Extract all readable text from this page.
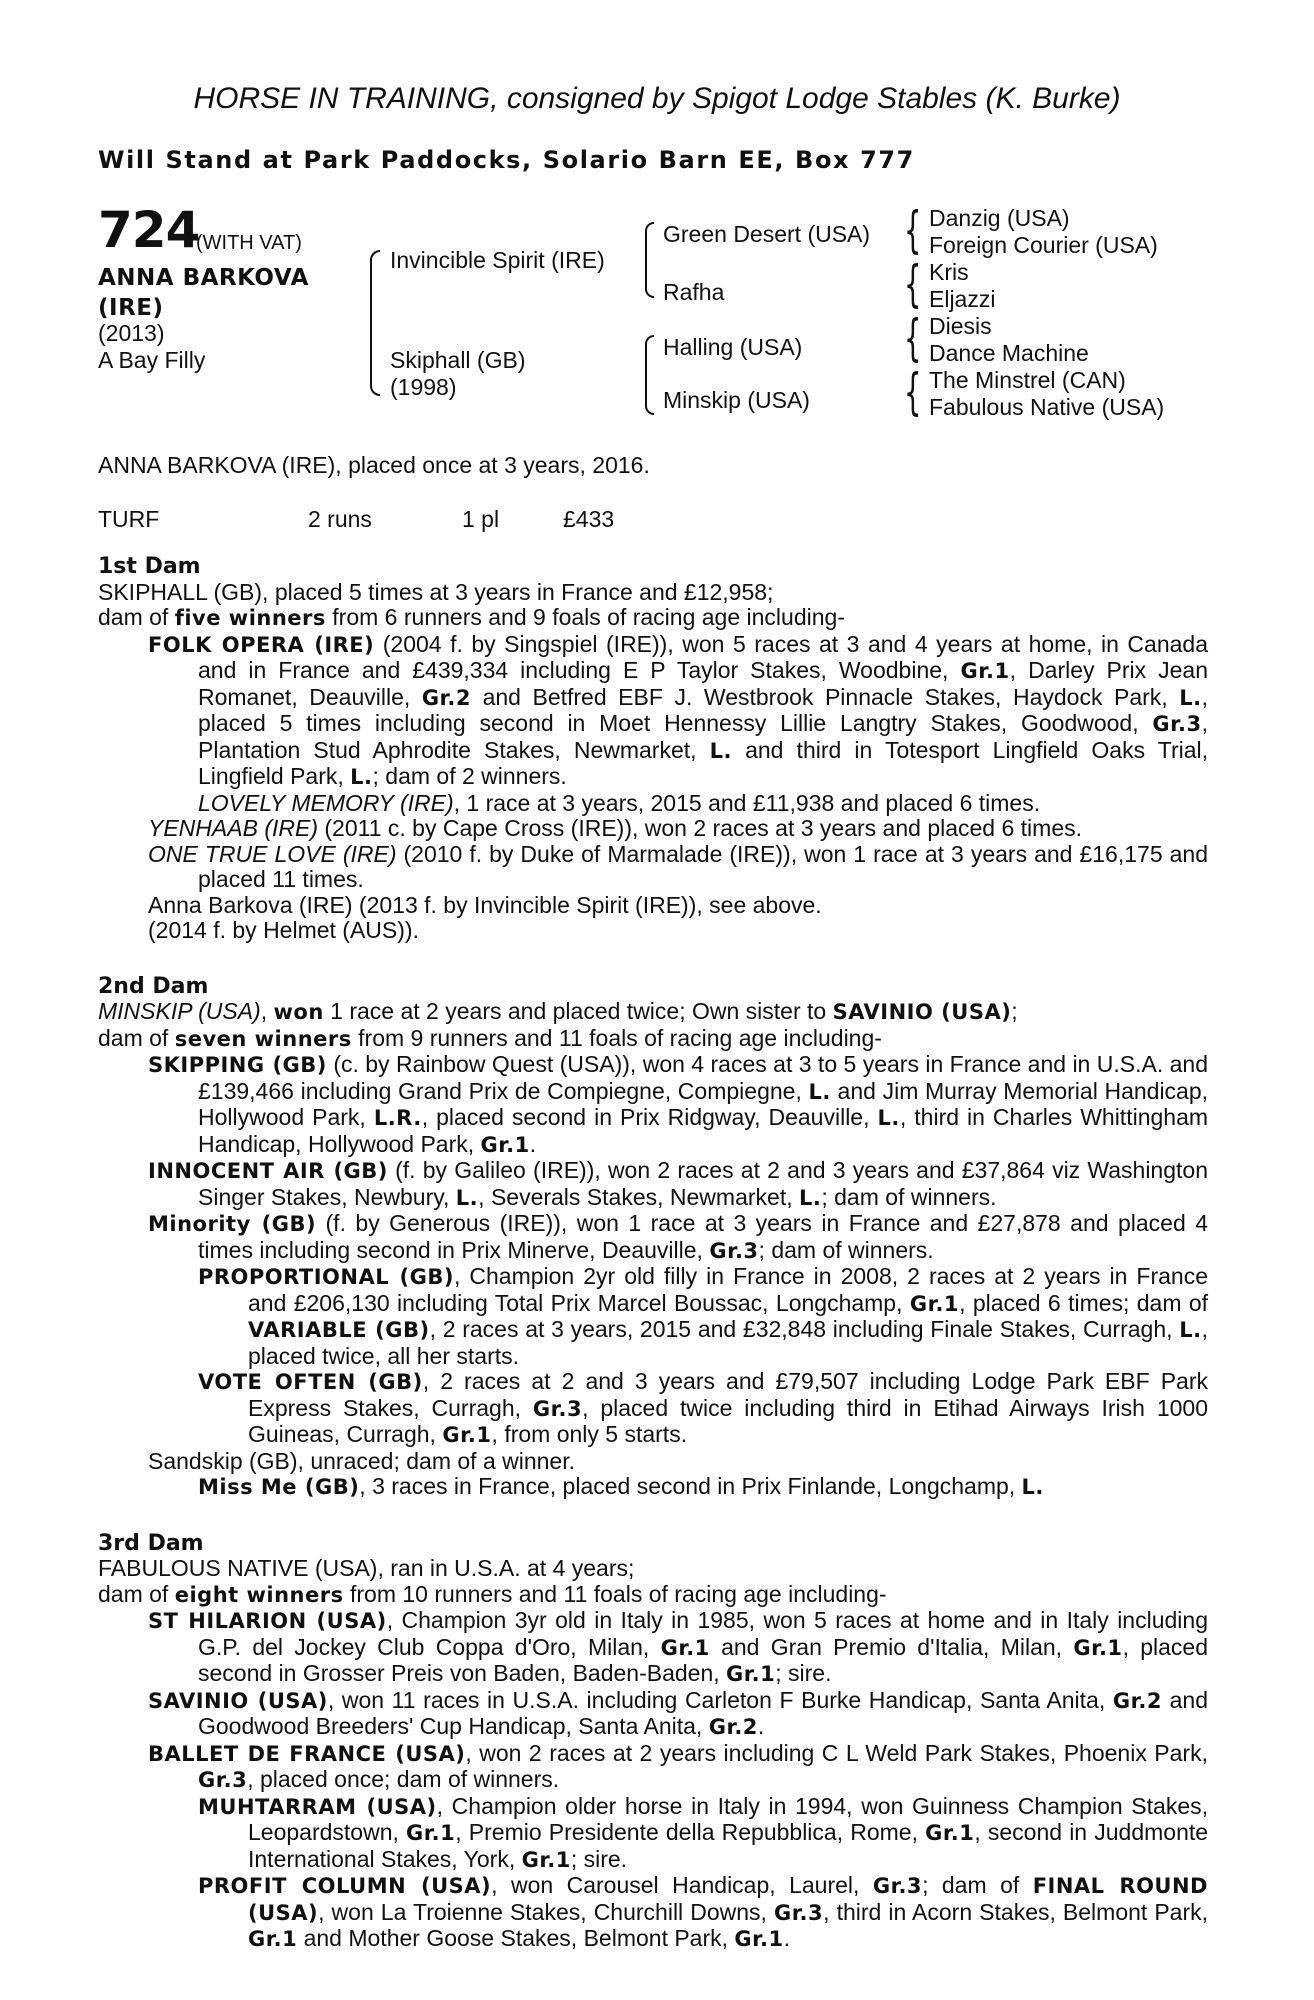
HORSE IN TRAINING, consigned by Spigot Lodge Stables (K. Burke)
Will Stand at Park Paddocks, Solario Barn EE, Box 777
724
(WITH VAT)
ANNA BARKOVA
(IRE)
(2013)
A Bay Filly
Invincible Spirit (IRE)
Skiphall (GB)
(1998)
Green Desert (USA)
Rafha
Halling (USA)
Minskip (USA)
{
{
{
{
Danzig (USA)
Foreign Courier (USA)
Kris
Eljazzi
Diesis
Dance Machine
The Minstrel (CAN)
Fabulous Native (USA)
ANNA BARKOVA (IRE), placed once at 3 years, 2016.
TURF	2 runs	1 pl	£433

1st Dam

SKIPHALL (GB), placed 5 times at 3 years in France and £12,958;

dam of five winners from 6 runners and 9 foals of racing age including-

FOLK OPERA (IRE) (2004 f. by Singspiel (IRE)), won 5 races at 3 and 4 years at home, in Canada and in France and £439,334 including E P Taylor Stakes, Woodbine, Gr.1, Darley Prix Jean Romanet, Deauville, Gr.2 and Betfred EBF J. Westbrook Pinnacle Stakes, Haydock Park, L., placed 5 times including second in Moet Hennessy Lillie Langtry Stakes, Goodwood, Gr.3, Plantation Stud Aphrodite Stakes, Newmarket, L. and third in Totesport Lingfield Oaks Trial, Lingfield Park, L.; dam of 2 winners.

LOVELY MEMORY (IRE), 1 race at 3 years, 2015 and £11,938 and placed 6 times.

YENHAAB (IRE) (2011 c. by Cape Cross (IRE)), won 2 races at 3 years and placed 6 times.

ONE TRUE LOVE (IRE) (2010 f. by Duke of Marmalade (IRE)), won 1 race at 3 years and £16,175 and placed 11 times.

Anna Barkova (IRE) (2013 f. by Invincible Spirit (IRE)), see above.

(2014 f. by Helmet (AUS)).

2nd Dam

MINSKIP (USA), won 1 race at 2 years and placed twice; Own sister to SAVINIO (USA);

dam of seven winners from 9 runners and 11 foals of racing age including-

SKIPPING (GB) (c. by Rainbow Quest (USA)), won 4 races at 3 to 5 years in France and in U.S.A. and £139,466 including Grand Prix de Compiegne, Compiegne, L. and Jim Murray Memorial Handicap, Hollywood Park, L.R., placed second in Prix Ridgway, Deauville, L., third in Charles Whittingham Handicap, Hollywood Park, Gr.1.

INNOCENT AIR (GB) (f. by Galileo (IRE)), won 2 races at 2 and 3 years and £37,864 viz Washington Singer Stakes, Newbury, L., Severals Stakes, Newmarket, L.; dam of winners.

Minority (GB) (f. by Generous (IRE)), won 1 race at 3 years in France and £27,878 and placed 4 times including second in Prix Minerve, Deauville, Gr.3; dam of winners.

PROPORTIONAL (GB), Champion 2yr old filly in France in 2008, 2 races at 2 years in France and £206,130 including Total Prix Marcel Boussac, Longchamp, Gr.1, placed 6 times; dam of VARIABLE (GB), 2 races at 3 years, 2015 and £32,848 including Finale Stakes, Curragh, L., placed twice, all her starts.

VOTE OFTEN (GB), 2 races at 2 and 3 years and £79,507 including Lodge Park EBF Park Express Stakes, Curragh, Gr.3, placed twice including third in Etihad Airways Irish 1000 Guineas, Curragh, Gr.1, from only 5 starts.

Sandskip (GB), unraced; dam of a winner.

Miss Me (GB), 3 races in France, placed second in Prix Finlande, Longchamp, L.

3rd Dam

FABULOUS NATIVE (USA), ran in U.S.A. at 4 years;

dam of eight winners from 10 runners and 11 foals of racing age including-

ST HILARION (USA), Champion 3yr old in Italy in 1985, won 5 races at home and in Italy including G.P. del Jockey Club Coppa d'Oro, Milan, Gr.1 and Gran Premio d'Italia, Milan, Gr.1, placed second in Grosser Preis von Baden, Baden-Baden, Gr.1; sire.

SAVINIO (USA), won 11 races in U.S.A. including Carleton F Burke Handicap, Santa Anita, Gr.2 and Goodwood Breeders' Cup Handicap, Santa Anita, Gr.2.

BALLET DE FRANCE (USA), won 2 races at 2 years including C L Weld Park Stakes, Phoenix Park, Gr.3, placed once; dam of winners.

MUHTARRAM (USA), Champion older horse in Italy in 1994, won Guinness Champion Stakes, Leopardstown, Gr.1, Premio Presidente della Repubblica, Rome, Gr.1, second in Juddmonte International Stakes, York, Gr.1; sire.

PROFIT COLUMN (USA), won Carousel Handicap, Laurel, Gr.3; dam of FINAL ROUND (USA), won La Troienne Stakes, Churchill Downs, Gr.3, third in Acorn Stakes, Belmont Park, Gr.1 and Mother Goose Stakes, Belmont Park, Gr.1.
